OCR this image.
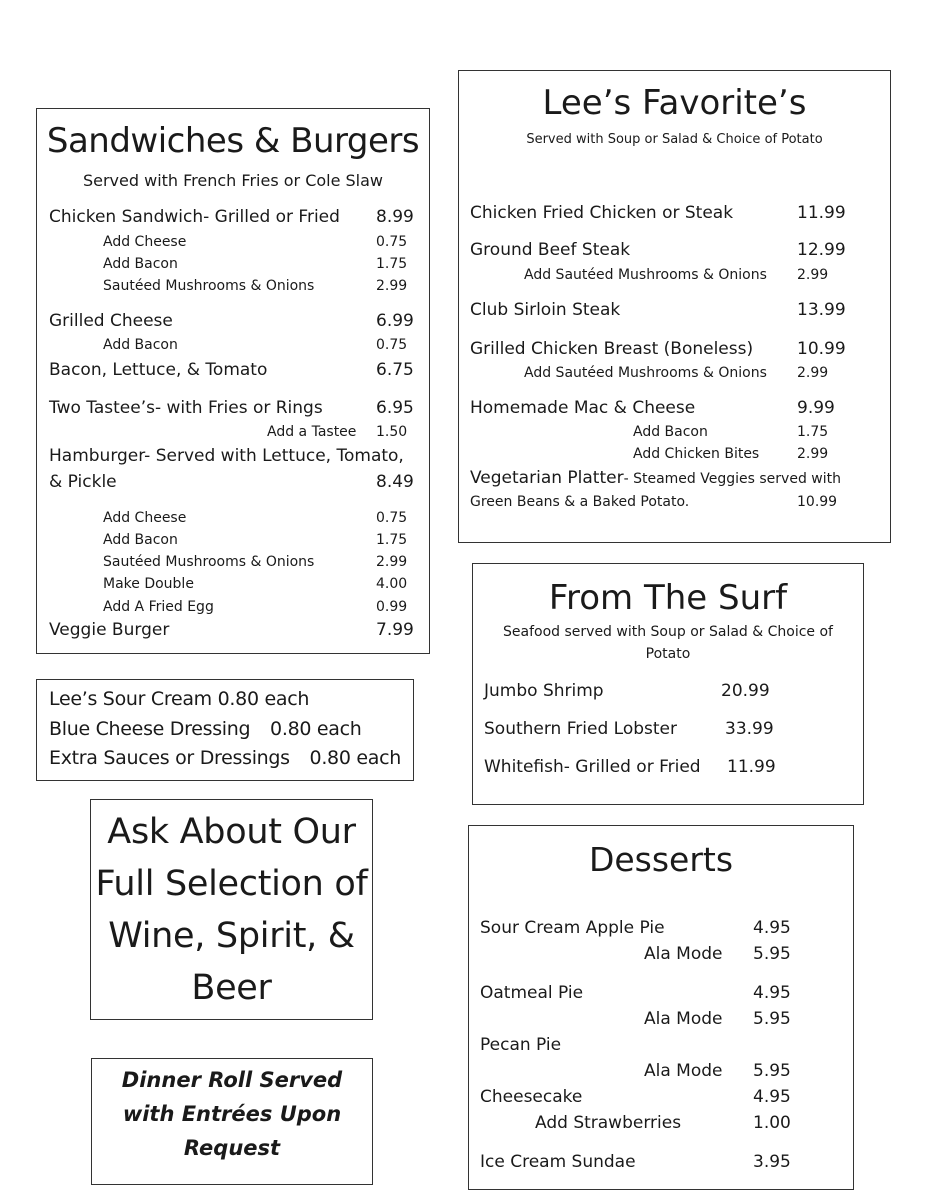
Sandwiches & Burgers
Served with French Fries or Cole Slaw
Chicken Sandwich- Grilled or Fried 8.99
Add Cheese	0.75
Add Bacon	1.75
Sautéed Mushrooms & Onions	2.99
Grilled Cheese	6.99
Add Bacon	0.75
Bacon, Lettuce, & Tomato	6.75
Two Tastee’s- with Fries or Rings	6.95
Add a Tastee 1.50
Hamburger- Served with Lettuce, Tomato,
& Pickle	8.49
Add Cheese	0.75
Add Bacon	1.75
Sautéed Mushrooms & Onions	2.99
Make Double	4.00
Add A Fried Egg	0.99
Veggie Burger	7.99
Lee’s Favorite’s
Served with Soup or Salad & Choice of Potato
Chicken Fried Chicken or Steak	11.99
Ground Beef Steak	12.99
Add Sautéed Mushrooms & Onions 2.99
Club Sirloin Steak	13.99
Grilled Chicken Breast (Boneless)	10.99
Add Sautéed Mushrooms & Onions 2.99
Homemade Mac & Cheese	9.99
Add Bacon	1.75
Add Chicken Bites	2.99
Vegetarian Platter- Steamed Veggies served with
Green Beans & a Baked Potato.	10.99
Lee’s Sour Cream 0.80 each
Blue Cheese Dressing 0.80 each
Extra Sauces or Dressings 0.80 each
Ask About Our
Full Selection of
Wine, Spirit, &
Beer
Dinner Roll Served
with Entrées Upon
Request
From The Surf
Seafood served with Soup or Salad & Choice of
Potato
Jumbo Shrimp	20.99
Southern Fried Lobster	33.99
Whitefish- Grilled or Fried 11.99
Desserts
Sour Cream Apple Pie	4.95
Ala Mode 5.95
Oatmeal Pie	4.95
Ala Mode 5.95
Pecan Pie
Ala Mode 5.95
Cheesecake	4.95
Add Strawberries	1.00
Ice Cream Sundae	3.95
